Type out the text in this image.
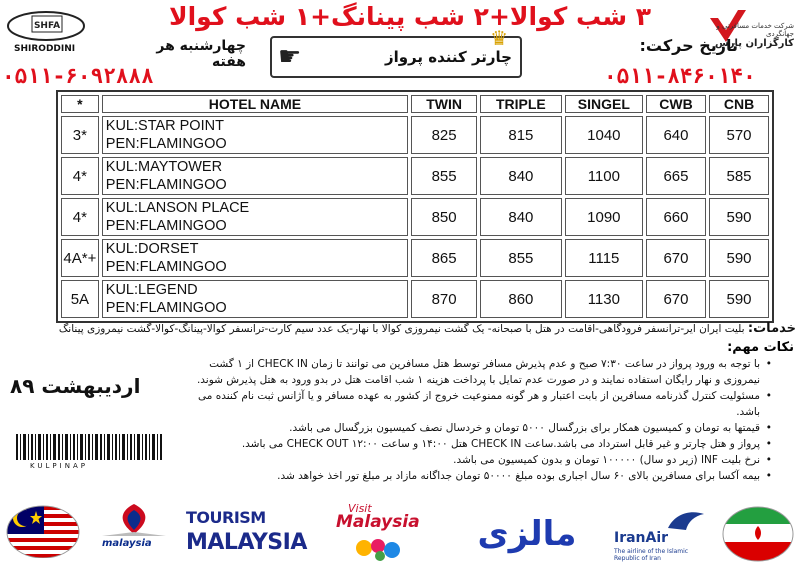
SHFA
SHIRODDINI
۳ شب کوالا+۲ شب پینانگ+۱ شب کوالا	شرکت خدمات مسافرتی و جهانگردی
کارگزاران پارس
تاریخ حرکت:
چهارشنبه هر هفته ☛
♛
چارتر کننده پرواز
۰۵۱۱-۶۰۹۲۸۸۸	۰۵۱۱-۸۴۶۰۱۴۰
*	HOTEL NAME	TWIN	TRIPLE	SINGEL	CWB	CNB
3*	KUL:STAR POINT
PEN:FLAMINGOO	825	815	1040	640	570
4*	KUL:MAYTOWER
PEN:FLAMINGOO	855	840	1100	665	585
4*	KUL:LANSON PLACE
PEN:FLAMINGOO	850	840	1090	660	590
4A*+	KUL:DORSET
PEN:FLAMINGOO	865	855	1115	670	590
5A	KUL:LEGEND
PEN:FLAMINGOO	870	860	1130	670	590
خدمات: بلیت ایران ایر-ترانسفر فرودگاهی-اقامت در هتل با صبحانه- یک گشت نیمروزی کوالا با نهار-یک عدد سیم کارت-ترانسفر کوالا-پینانگ-کوالا-گشت نیمروزی پینانگ
نکات مهم:
• با توجه به ورود پرواز در ساعت ۷:۳۰ صبح و عدم پذیرش مسافر توسط هتل مسافرین می توانند تا زمان CHECK IN از ۱ گشت نیمروزی و نهار رایگان استفاده نمایند و در صورت عدم تمایل با پرداخت هزینه ۱ شب اقامت هتل در بدو ورود به هتل پذیرش شوند.
• مسئولیت کنترل گذرنامه مسافرین از بابت اعتبار و هر گونه ممنوعیت خروج از کشور به عهده مسافر و یا آژانس ثبت نام کننده می باشد.
• قیمتها به تومان و کمیسیون همکار برای بزرگسال ۵۰۰۰ تومان و خردسال نصف کمیسیون بزرگسال می باشد.
• پرواز و هتل چارتر و غیر قابل استرداد می باشد.ساعت CHECK IN هتل ۱۴:۰۰ و ساعت CHECK OUT ۱۲:۰۰ می باشد.
• نرخ بلیت INF (زیر دو سال) ۱۰۰۰۰۰ تومان و بدون کمیسیون می باشد.
• بیمه آکسا برای مسافرین بالای ۶۰ سال اجباری بوده مبلغ ۵۰۰۰۰ تومان جداگانه مازاد بر مبلغ تور اخذ خواهد شد.
اردیبهشت ۸۹
KULPINAP
malaysia
TOURISM
MALAYSIA
Visit
Malaysia	مالزی	IranAir
The airline of the Islamic Republic of Iran
